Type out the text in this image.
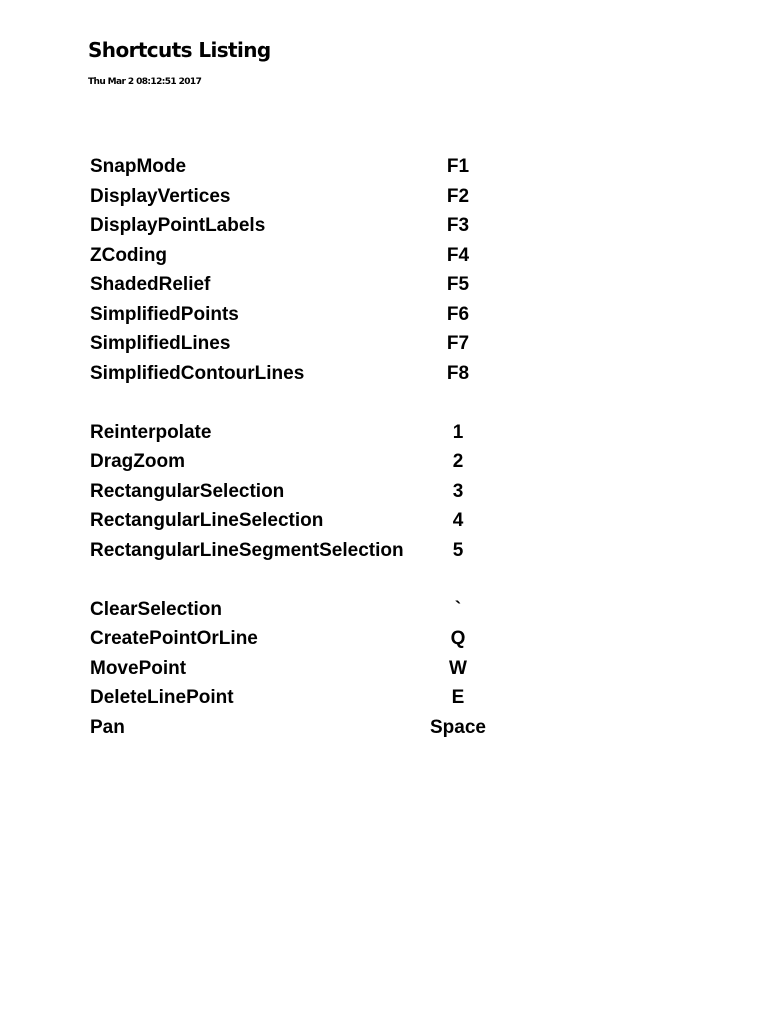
Shortcuts Listing
Thu Mar 2 08:12:51 2017
SnapMode	F1
DisplayVertices	F2
DisplayPointLabels	F3
ZCoding	F4
ShadedRelief	F5
SimplifiedPoints	F6
SimplifiedLines	F7
SimplifiedContourLines	F8
Reinterpolate	1
DragZoom	2
RectangularSelection	3
RectangularLineSelection	4
RectangularLineSegmentSelection	5
ClearSelection	`
CreatePointOrLine	Q
MovePoint	W
DeleteLinePoint	E
Pan	Space
